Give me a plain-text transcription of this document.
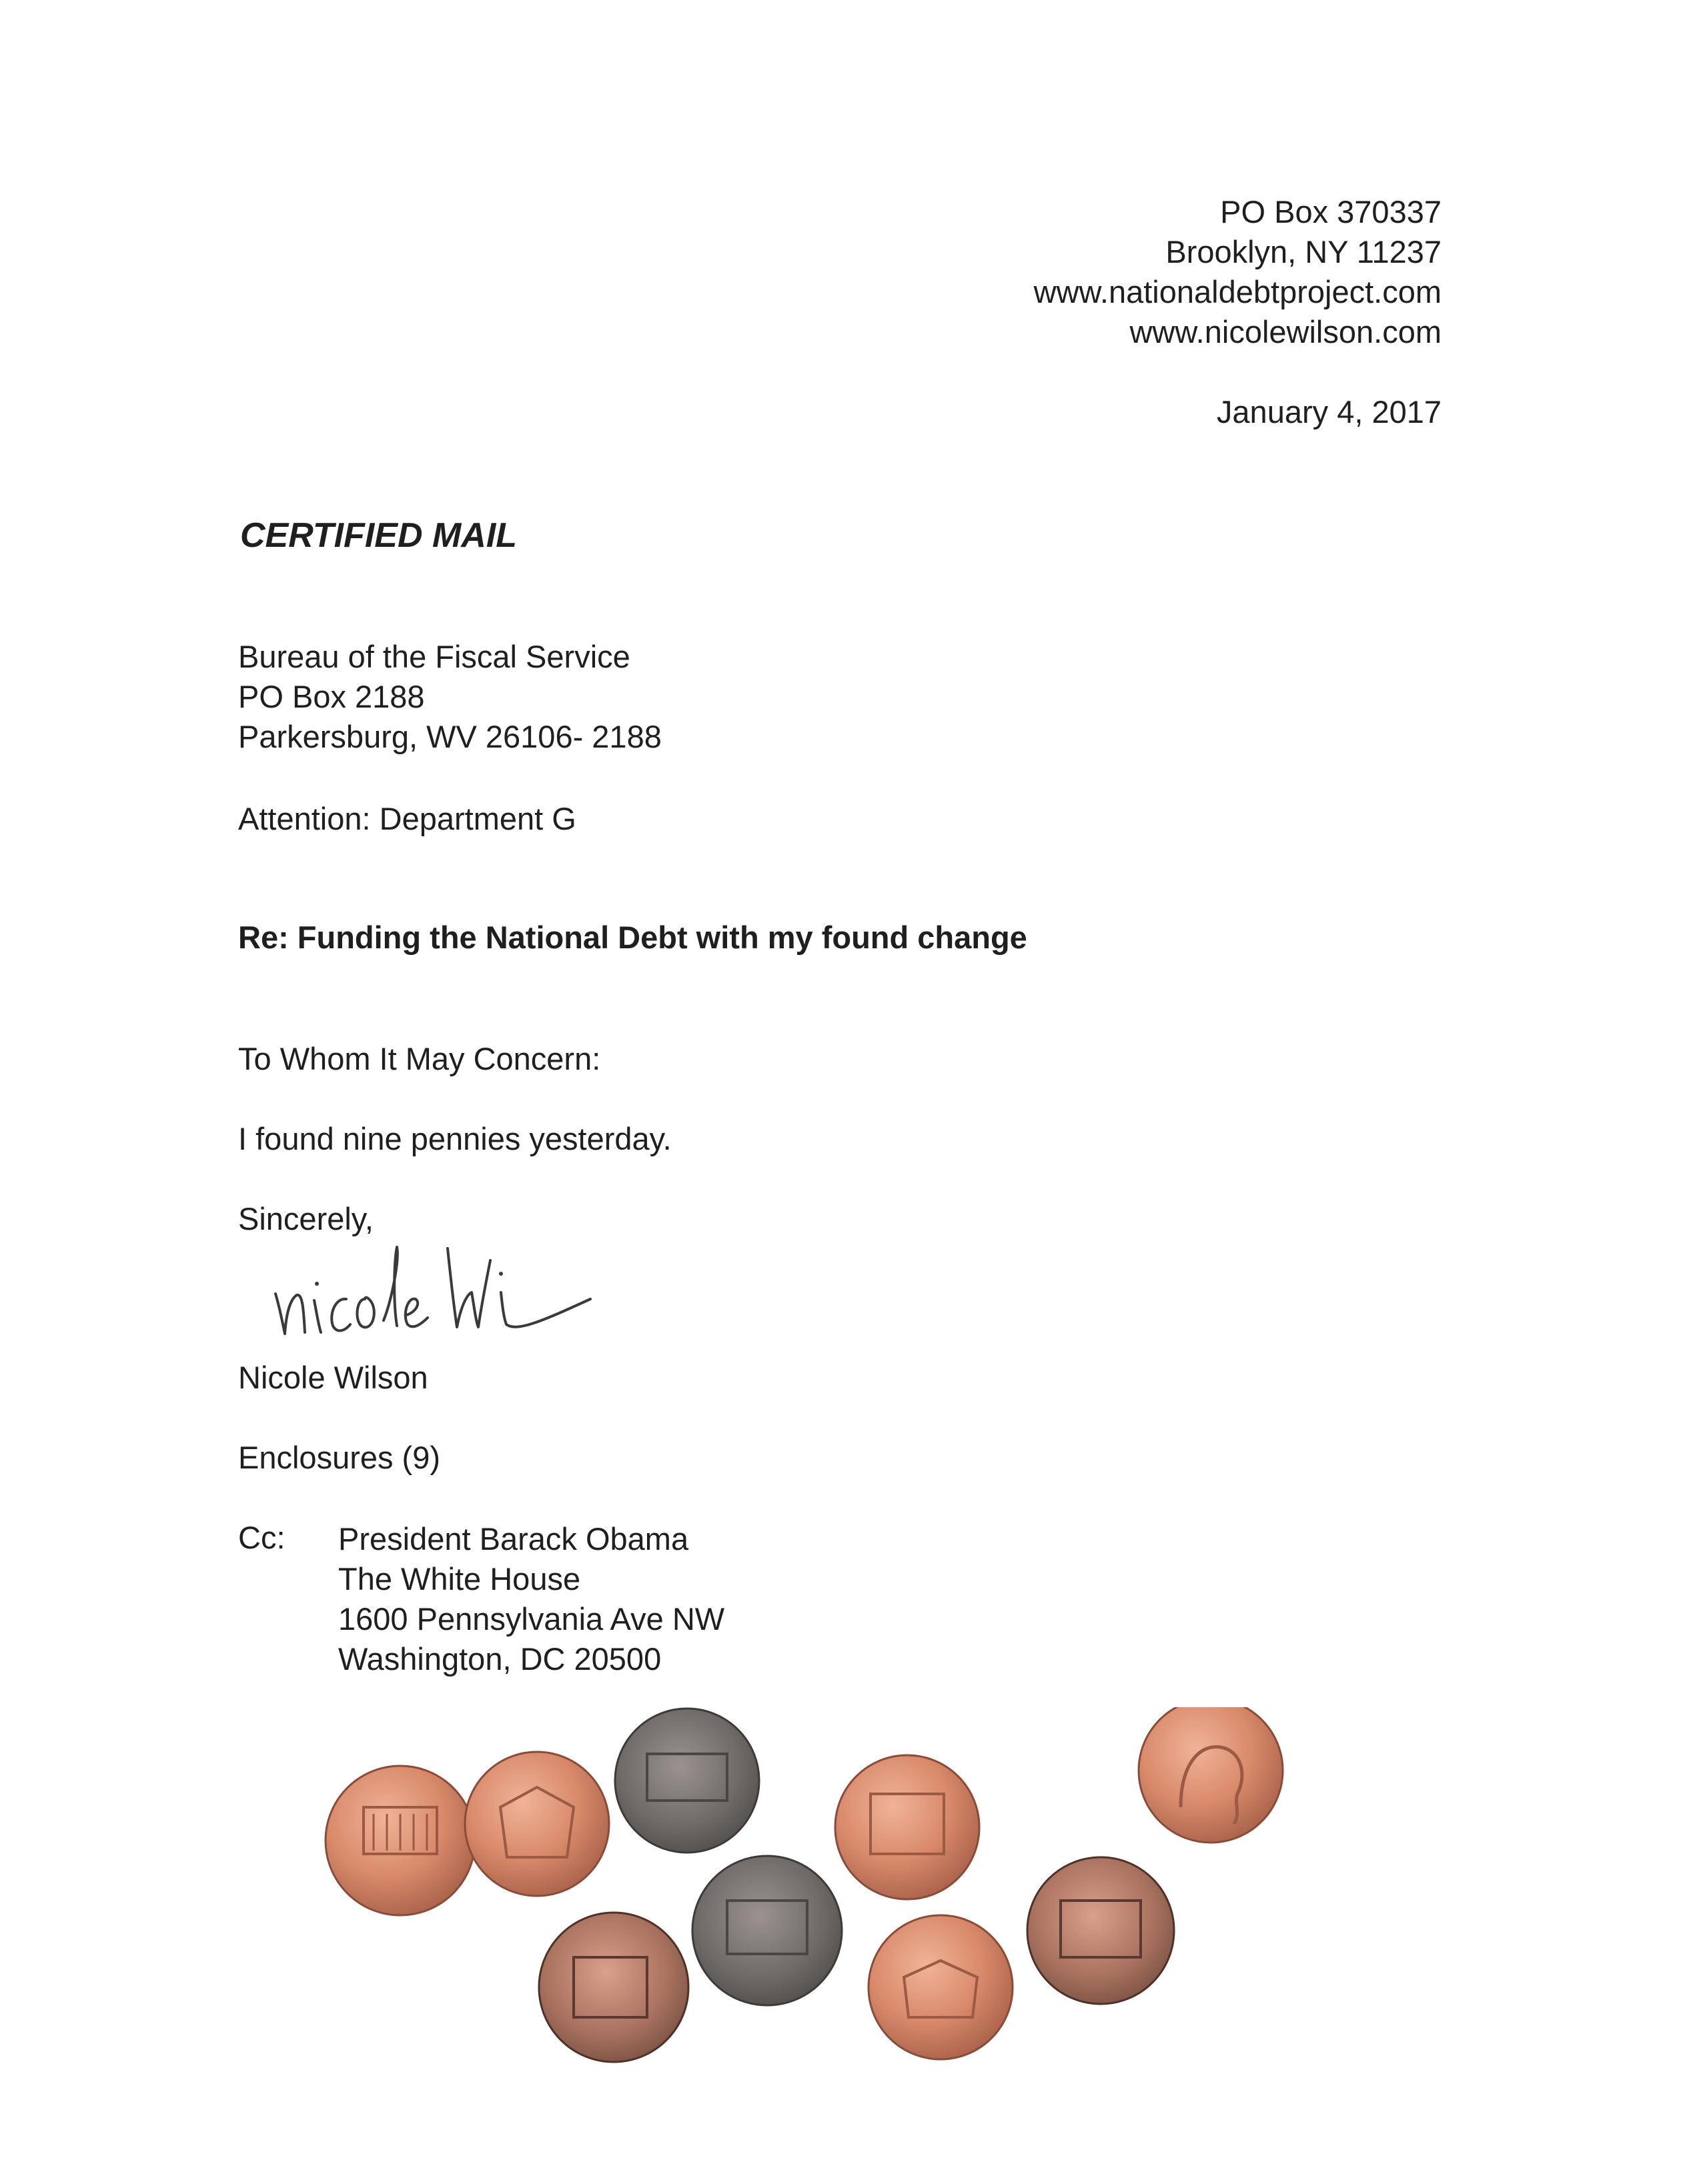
PO Box 370337
Brooklyn, NY 11237
www.nationaldebtproject.com
www.nicolewilson.com
January 4, 2017
CERTIFIED MAIL
Bureau of the Fiscal Service
PO Box 2188
Parkersburg, WV 26106- 2188
Attention: Department G
Re: Funding the National Debt with my found change
To Whom It May Concern:
I found nine pennies yesterday.
Sincerely,
Nicole Wilson
Enclosures (9)
Cc: President Barack Obama
The White House
1600 Pennsylvania Ave NW
Washington, DC 20500
